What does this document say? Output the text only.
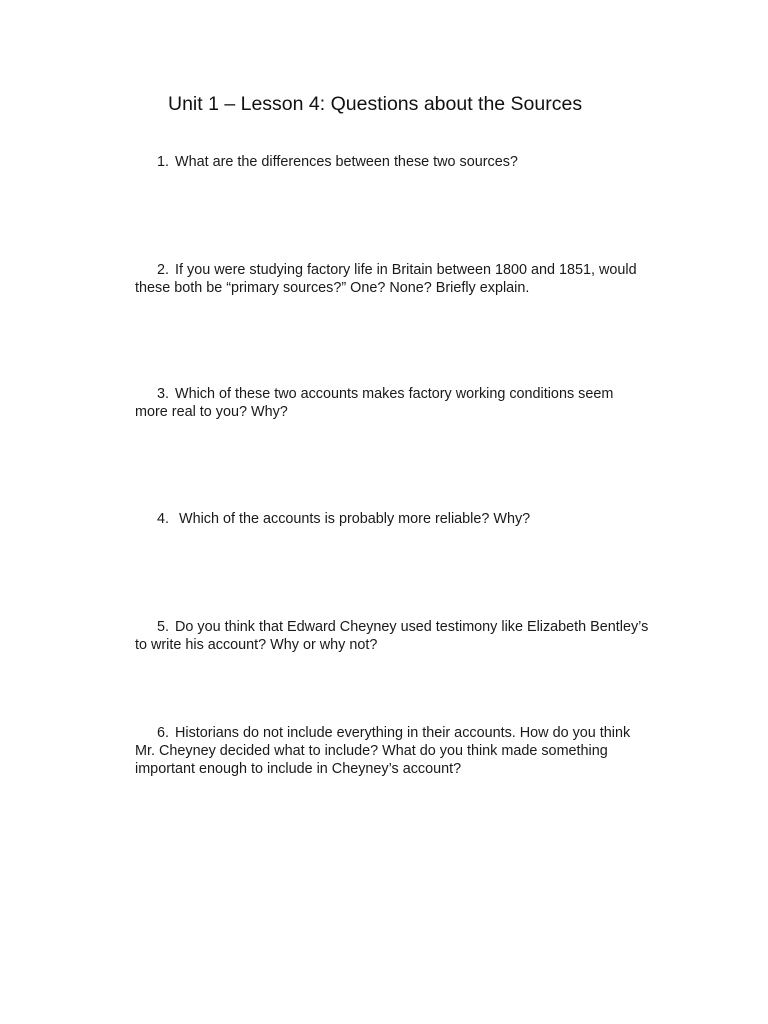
Unit 1 – Lesson 4: Questions about the Sources
1. What are the differences between these two sources?
2. If you were studying factory life in Britain between 1800 and 1851, would
these both be “primary sources?” One? None? Briefly explain.
3. Which of these two accounts makes factory working conditions seem
more real to you? Why?
4. Which of the accounts is probably more reliable? Why?
5. Do you think that Edward Cheyney used testimony like Elizabeth Bentley’s
to write his account? Why or why not?
6. Historians do not include everything in their accounts. How do you think
Mr. Cheyney decided what to include? What do you think made something
important enough to include in Cheyney’s account?
